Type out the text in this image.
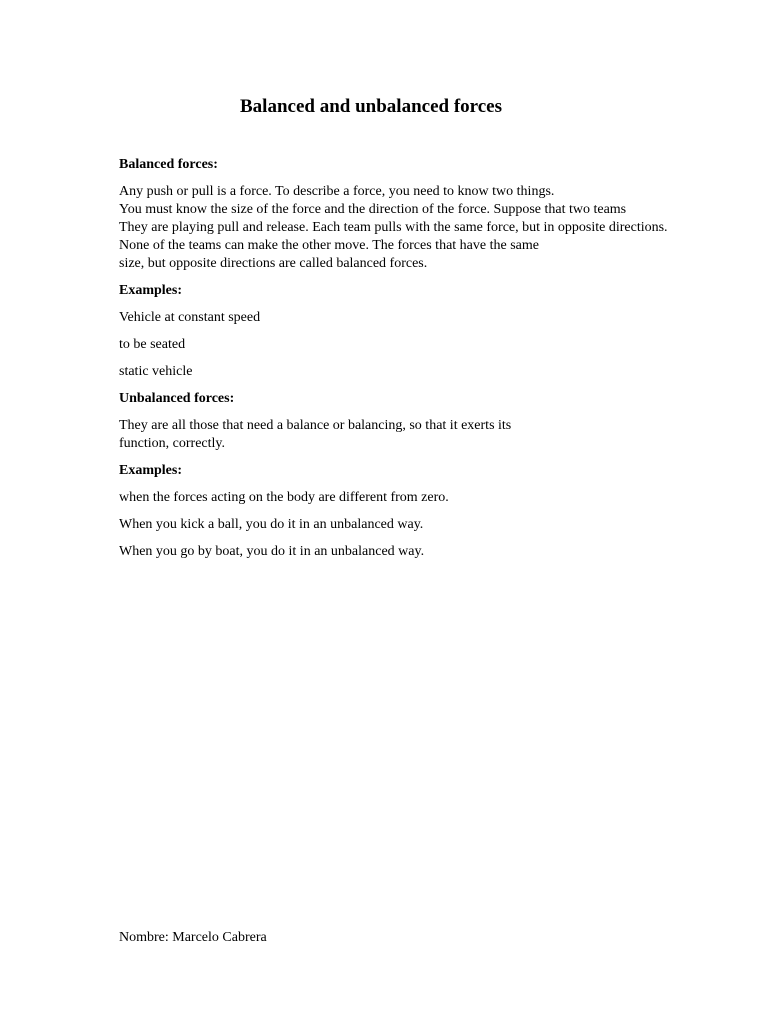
Balanced and unbalanced forces

Balanced forces:

Any push or pull is a force. To describe a force, you need to know two things.
You must know the size of the force and the direction of the force. Suppose that two teams
They are playing pull and release. Each team pulls with the same force, but in opposite directions.
None of the teams can make the other move. The forces that have the same
size, but opposite directions are called balanced forces.

Examples:

Vehicle at constant speed

to be seated

static vehicle

Unbalanced forces:

They are all those that need a balance or balancing, so that it exerts its
function, correctly.

Examples:

when the forces acting on the body are different from zero.

When you kick a ball, you do it in an unbalanced way.

When you go by boat, you do it in an unbalanced way.

Nombre: Marcelo Cabrera
